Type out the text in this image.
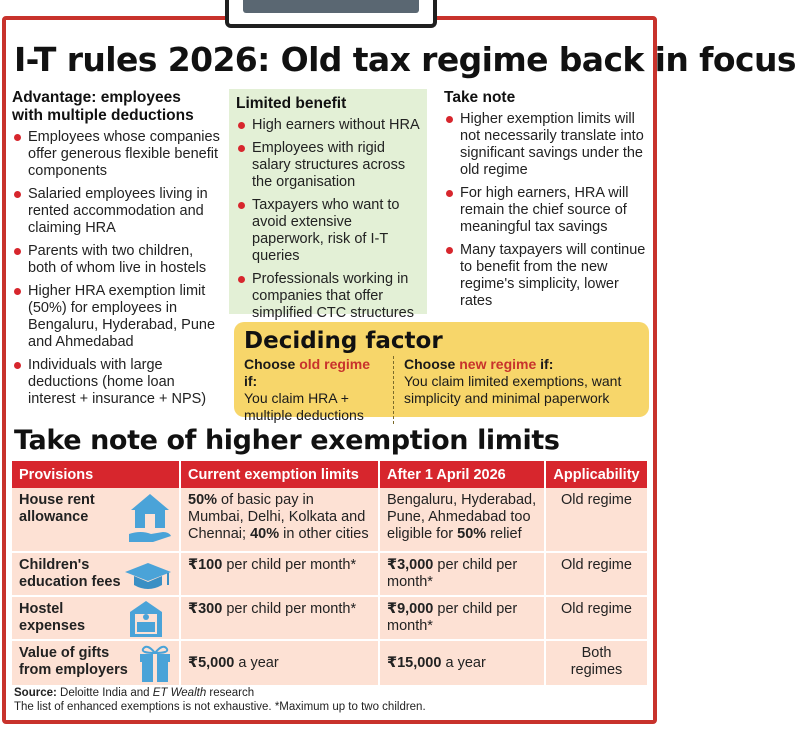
I-T rules 2026: Old tax regime back in focus
Advantage: employees
with multiple deductions
Employees whose companies offer generous flexible benefit components
Salaried employees living in rented accommodation and claiming HRA
Parents with two children, both of whom live in hostels
Higher HRA exemption limit (50%) for employees in Bengaluru, Hyderabad, Pune and Ahmedabad
Individuals with large deductions (home loan interest + insurance + NPS)
Limited benefit
High earners without HRA
Employees with rigid salary structures across the organisation
Taxpayers who want to avoid extensive paperwork, risk of I-T queries
Professionals working in companies that offer simplified CTC structures
Take note
Higher exemption limits will not necessarily translate into significant savings under the old regime
For high earners, HRA will remain the chief source of meaningful tax savings
Many taxpayers will continue to benefit from the new regime's simplicity, lower rates
Deciding factor
Choose old regime if:
You claim HRA + multiple deductions
Choose new regime if:
You claim limited exemptions, want simplicity and minimal paperwork
Take note of higher exemption limits
Provisions	Current exemption limits	After 1 April 2026	Applicability
House rent
allowance	50% of basic pay in Mumbai, Delhi, Kolkata and Chennai; 40% in other cities	Bengaluru, Hyderabad, Pune, Ahmedabad too eligible for 50% relief	Old regime
Children's
education fees	₹100 per child per month*	₹3,000 per child per month*	Old regime
Hostel
expenses	₹300 per child per month*	₹9,000 per child per month*	Old regime
Value of gifts
from employers	₹5,000 a year	₹15,000 a year	Both
regimes
Source: Deloitte India and ET Wealth research
The list of enhanced exemptions is not exhaustive. *Maximum up to two children.
